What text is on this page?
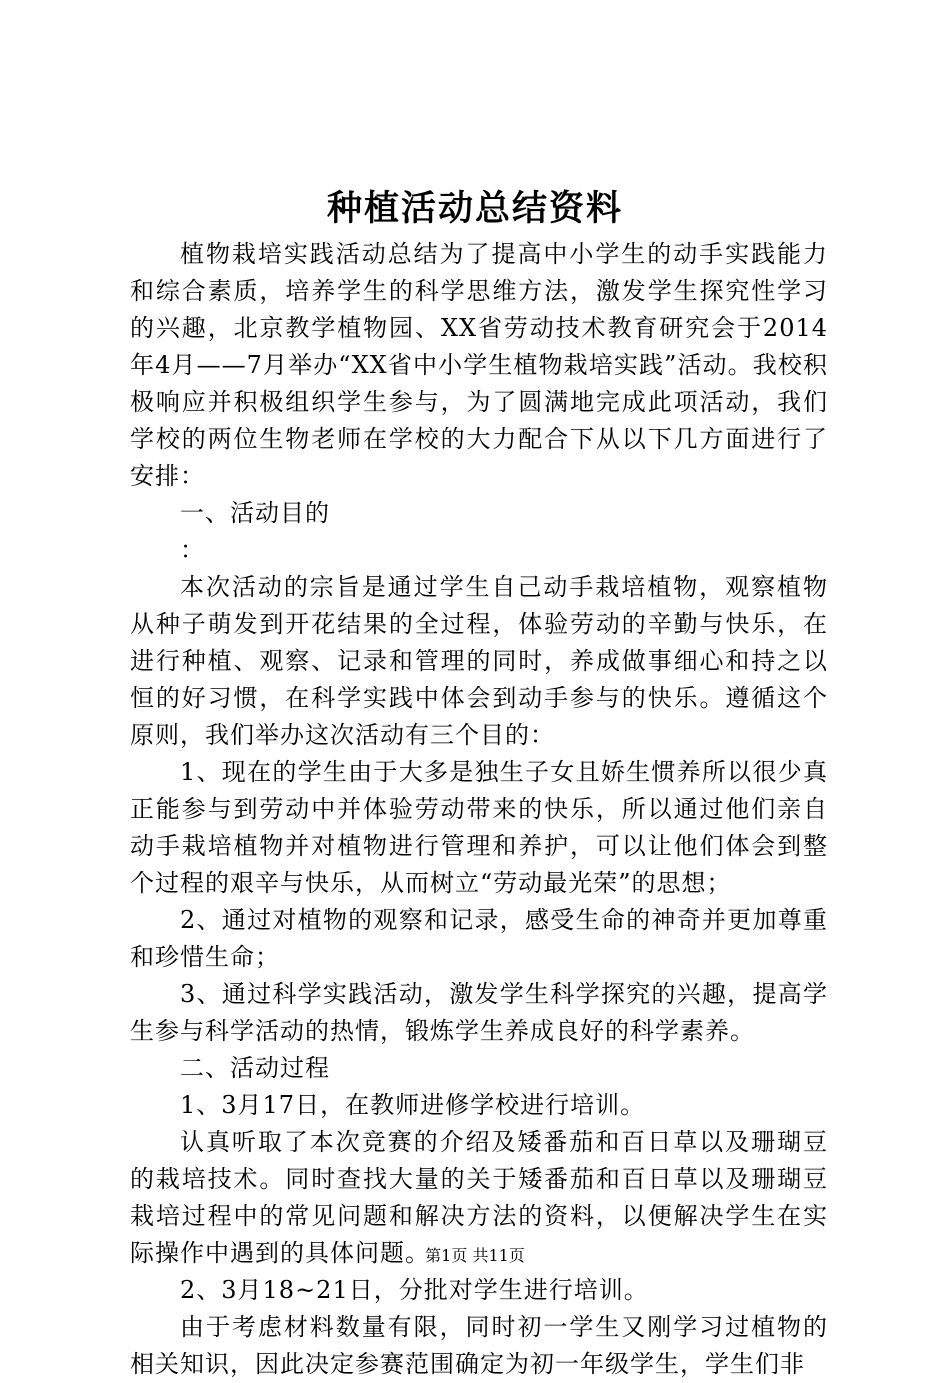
种植活动总结资料

植物栽培实践活动总结为了提高中小学生的动手实践能力和综合素质，培养学生的科学思维方法，激发学生探究性学习的兴趣，北京教学植物园、XX省劳动技术教育研究会于2014年4月——7月举办“XX省中小学生植物栽培实践”活动。我校积极响应并积极组织学生参与，为了圆满地完成此项活动，我们学校的两位生物老师在学校的大力配合下从以下几方面进行了安排：

一、活动目的

：

本次活动的宗旨是通过学生自己动手栽培植物，观察植物从种子萌发到开花结果的全过程，体验劳动的辛勤与快乐，在进行种植、观察、记录和管理的同时，养成做事细心和持之以恒的好习惯，在科学实践中体会到动手参与的快乐。遵循这个原则，我们举办这次活动有三个目的：

1、现在的学生由于大多是独生子女且娇生惯养所以很少真正能参与到劳动中并体验劳动带来的快乐，所以通过他们亲自动手栽培植物并对植物进行管理和养护，可以让他们体会到整个过程的艰辛与快乐，从而树立“劳动最光荣”的思想；

2、通过对植物的观察和记录，感受生命的神奇并更加尊重和珍惜生命；

3、通过科学实践活动，激发学生科学探究的兴趣，提高学生参与科学活动的热情，锻炼学生养成良好的科学素养。

二、活动过程

1、3月17日，在教师进修学校进行培训。

认真听取了本次竞赛的介绍及矮番茄和百日草以及珊瑚豆的栽培技术。同时查找大量的关于矮番茄和百日草以及珊瑚豆栽培过程中的常见问题和解决方法的资料，以便解决学生在实际操作中遇到的具体问题。

2、3月18~21日，分批对学生进行培训。

由于考虑材料数量有限，同时初一学生又刚学习过植物的相关知识，因此决定参赛范围确定为初一年级学生，学生们非

第1页 共11页
